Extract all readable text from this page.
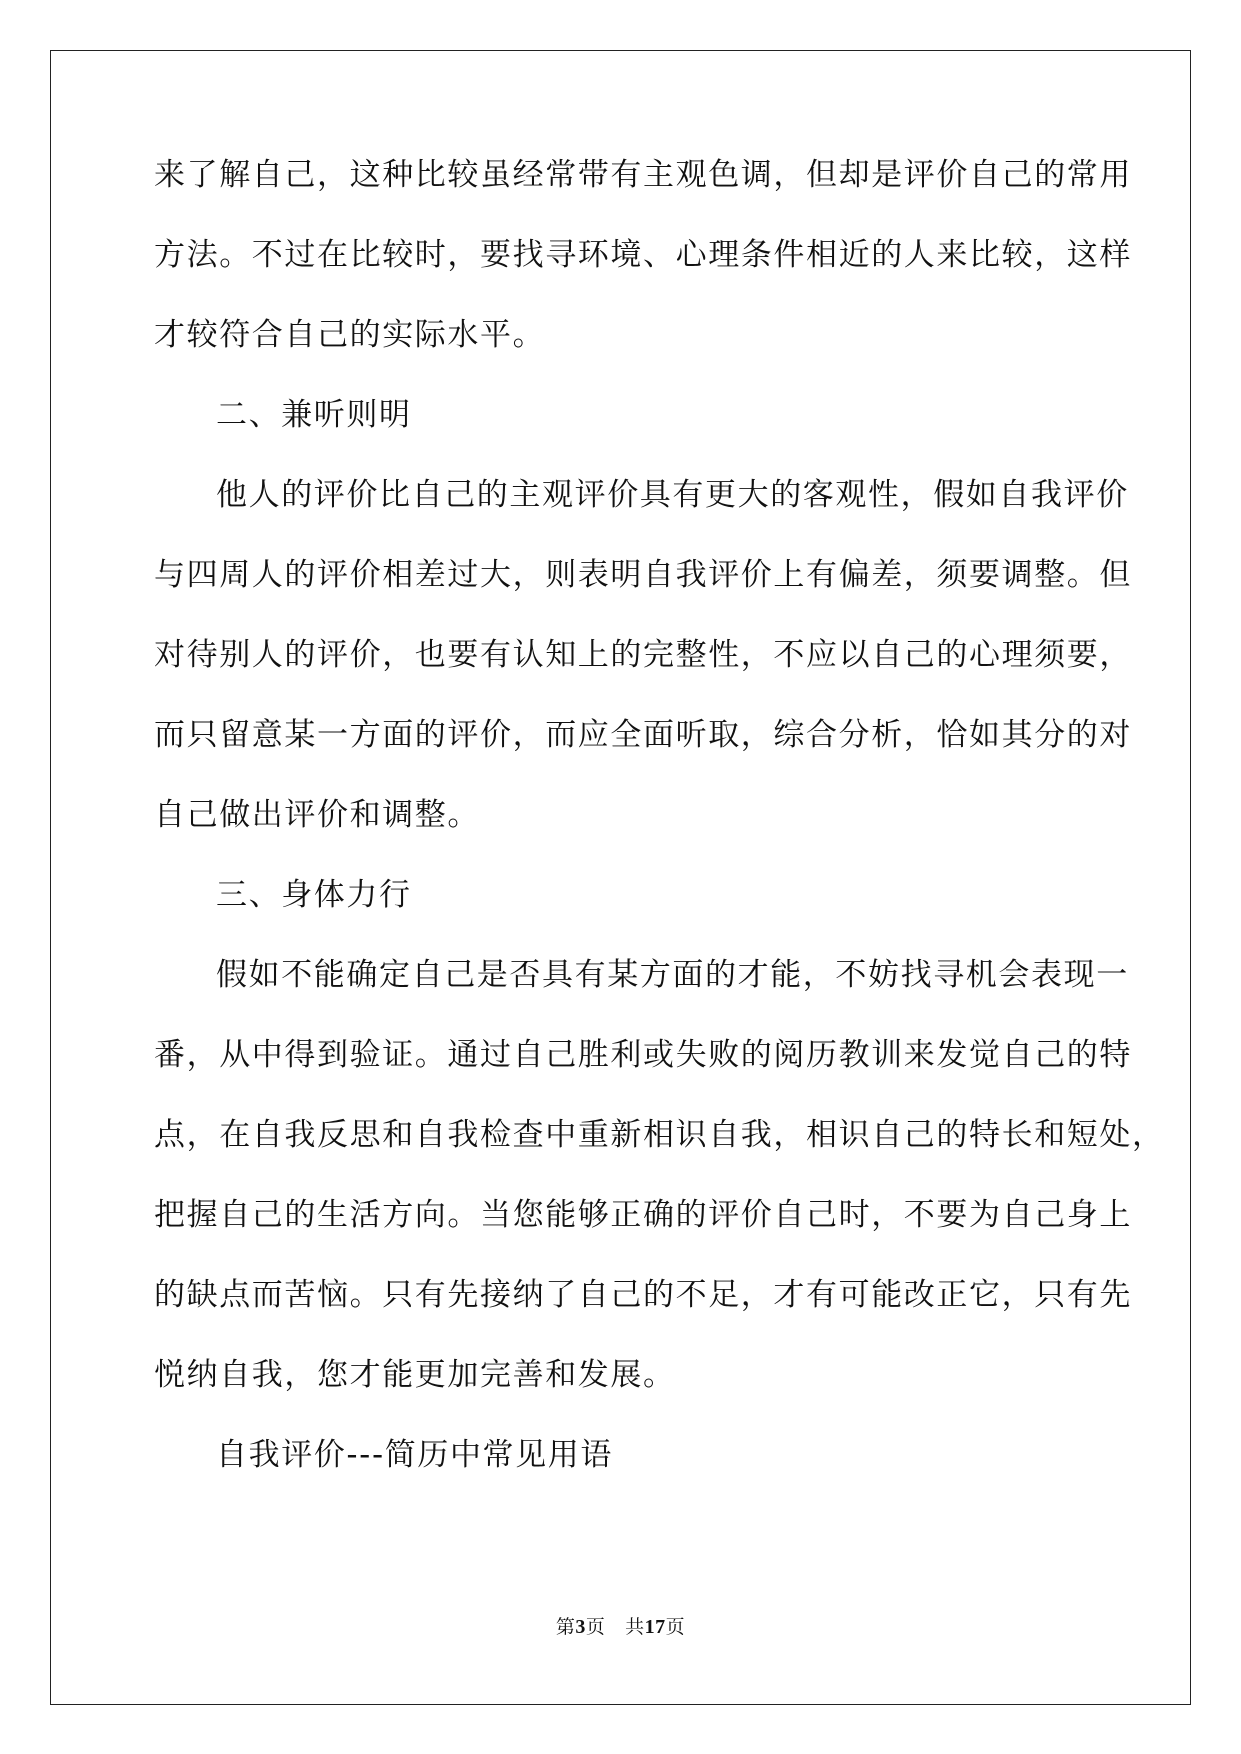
来了解自己，这种比较虽经常带有主观色调，但却是评价自己的常用
方法。不过在比较时，要找寻环境、心理条件相近的人来比较，这样
才较符合自己的实际水平。
二、兼听则明
他人的评价比自己的主观评价具有更大的客观性，假如自我评价
与四周人的评价相差过大，则表明自我评价上有偏差，须要调整。但
对待别人的评价，也要有认知上的完整性，不应以自己的心理须要，
而只留意某一方面的评价，而应全面听取，综合分析，恰如其分的对
自己做出评价和调整。
三、身体力行
假如不能确定自己是否具有某方面的才能，不妨找寻机会表现一
番，从中得到验证。通过自己胜利或失败的阅历教训来发觉自己的特
点，在自我反思和自我检查中重新相识自我，相识自己的特长和短处，
把握自己的生活方向。当您能够正确的评价自己时，不要为自己身上
的缺点而苦恼。只有先接纳了自己的不足，才有可能改正它，只有先
悦纳自我，您才能更加完善和发展。
自我评价---简历中常见用语
第3页 共17页
